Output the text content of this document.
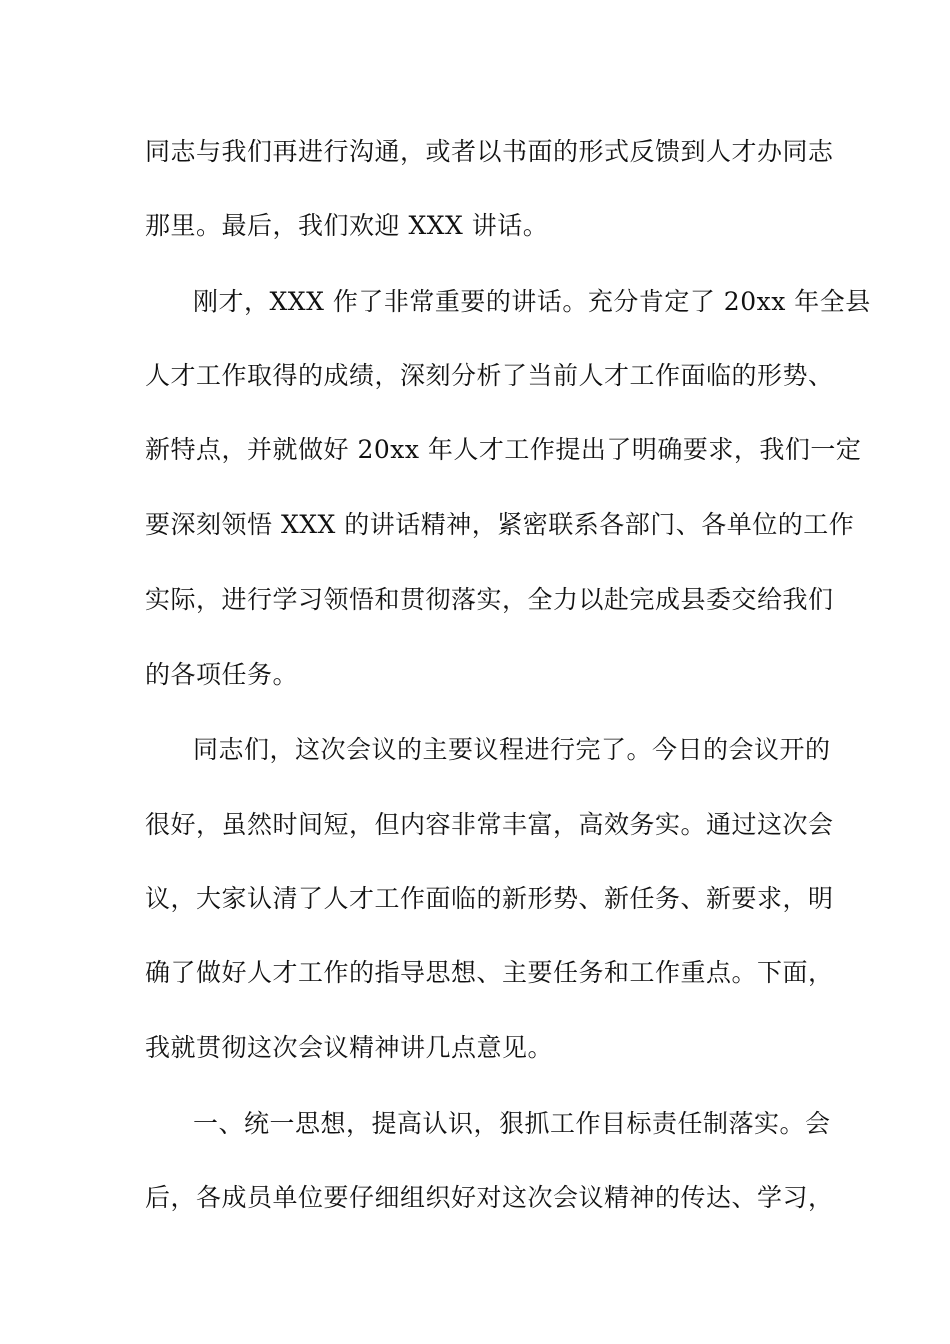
同志与我们再进行沟通，或者以书面的形式反馈到人才办同志
那里。最后，我们欢迎 XXX 讲话。
刚才，XXX 作了非常重要的讲话。充分肯定了 20xx 年全县
人才工作取得的成绩，深刻分析了当前人才工作面临的形势、
新特点，并就做好 20xx 年人才工作提出了明确要求，我们一定
要深刻领悟 XXX 的讲话精神，紧密联系各部门、各单位的工作
实际，进行学习领悟和贯彻落实，全力以赴完成县委交给我们
的各项任务。
同志们，这次会议的主要议程进行完了。今日的会议开的
很好，虽然时间短，但内容非常丰富，高效务实。通过这次会
议，大家认清了人才工作面临的新形势、新任务、新要求，明
确了做好人才工作的指导思想、主要任务和工作重点。下面，
我就贯彻这次会议精神讲几点意见。
一、统一思想，提高认识，狠抓工作目标责任制落实。会
后，各成员单位要仔细组织好对这次会议精神的传达、学习，
